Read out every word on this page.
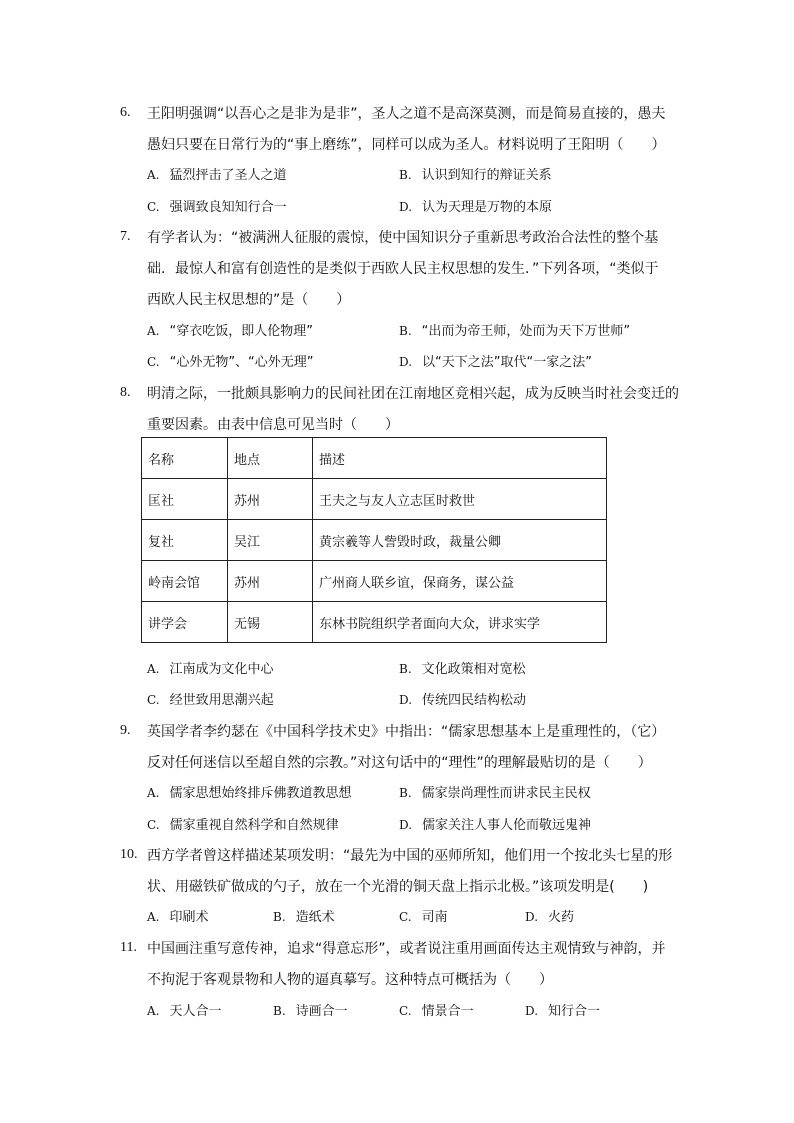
6. 王阳明强调“以吾心之是非为是非”，圣人之道不是高深莫测，而是简易直接的，愚夫
愚妇只要在日常行为的“事上磨练”，同样可以成为圣人。材料说明了王阳明（　　）
A. 猛烈抨击了圣人之道	B. 认识到知行的辩证关系
C. 强调致良知知行合一	D. 认为天理是万物的本原
7. 有学者认为：“被满洲人征服的震惊，使中国知识分子重新思考政治合法性的整个基
础．最惊人和富有创造性的是类似于西欧人民主权思想的发生．”下列各项，“类似于
西欧人民主权思想的”是（　　）
A. “穿衣吃饭，即人伦物理”	B. “出而为帝王师，处而为天下万世师”
C. “心外无物”、“心外无理”	D. 以“天下之法”取代“一家之法”
8. 明清之际，一批颇具影响力的民间社团在江南地区竞相兴起，成为反映当时社会变迁的
重要因素。由表中信息可见当时（　　）
名称	地点	描述
匡社	苏州	王夫之与友人立志匡时救世
复社	吴江	黄宗羲等人訾毁时政，裁量公卿
岭南会馆	苏州	广州商人联乡谊，保商务，谋公益
讲学会	无锡	东林书院组织学者面向大众，讲求实学
A. 江南成为文化中心	B. 文化政策相对宽松
C. 经世致用思潮兴起	D. 传统四民结构松动
9. 英国学者李约瑟在《中国科学技术史》中指出：“儒家思想基本上是重理性的，（它）
反对任何迷信以至超自然的宗教。”对这句话中的“理性”的理解最贴切的是（　　）
A. 儒家思想始终排斥佛教道教思想	B. 儒家崇尚理性而讲求民主民权
C. 儒家重视自然科学和自然规律	D. 儒家关注人事人伦而敬远鬼神
10. 西方学者曾这样描述某项发明：“最先为中国的巫师所知，他们用一个按北头七星的形
状、用磁铁矿做成的勺子，放在一个光滑的铜天盘上指示北极。”该项发明是(　　)
A. 印刷术	B. 造纸术	C. 司南	D. 火药
11. 中国画注重写意传神，追求“得意忘形”，或者说注重用画面传达主观情致与神韵，并
不拘泥于客观景物和人物的逼真摹写。这种特点可概括为（　　）
A. 天人合一	B. 诗画合一	C. 情景合一	D. 知行合一
